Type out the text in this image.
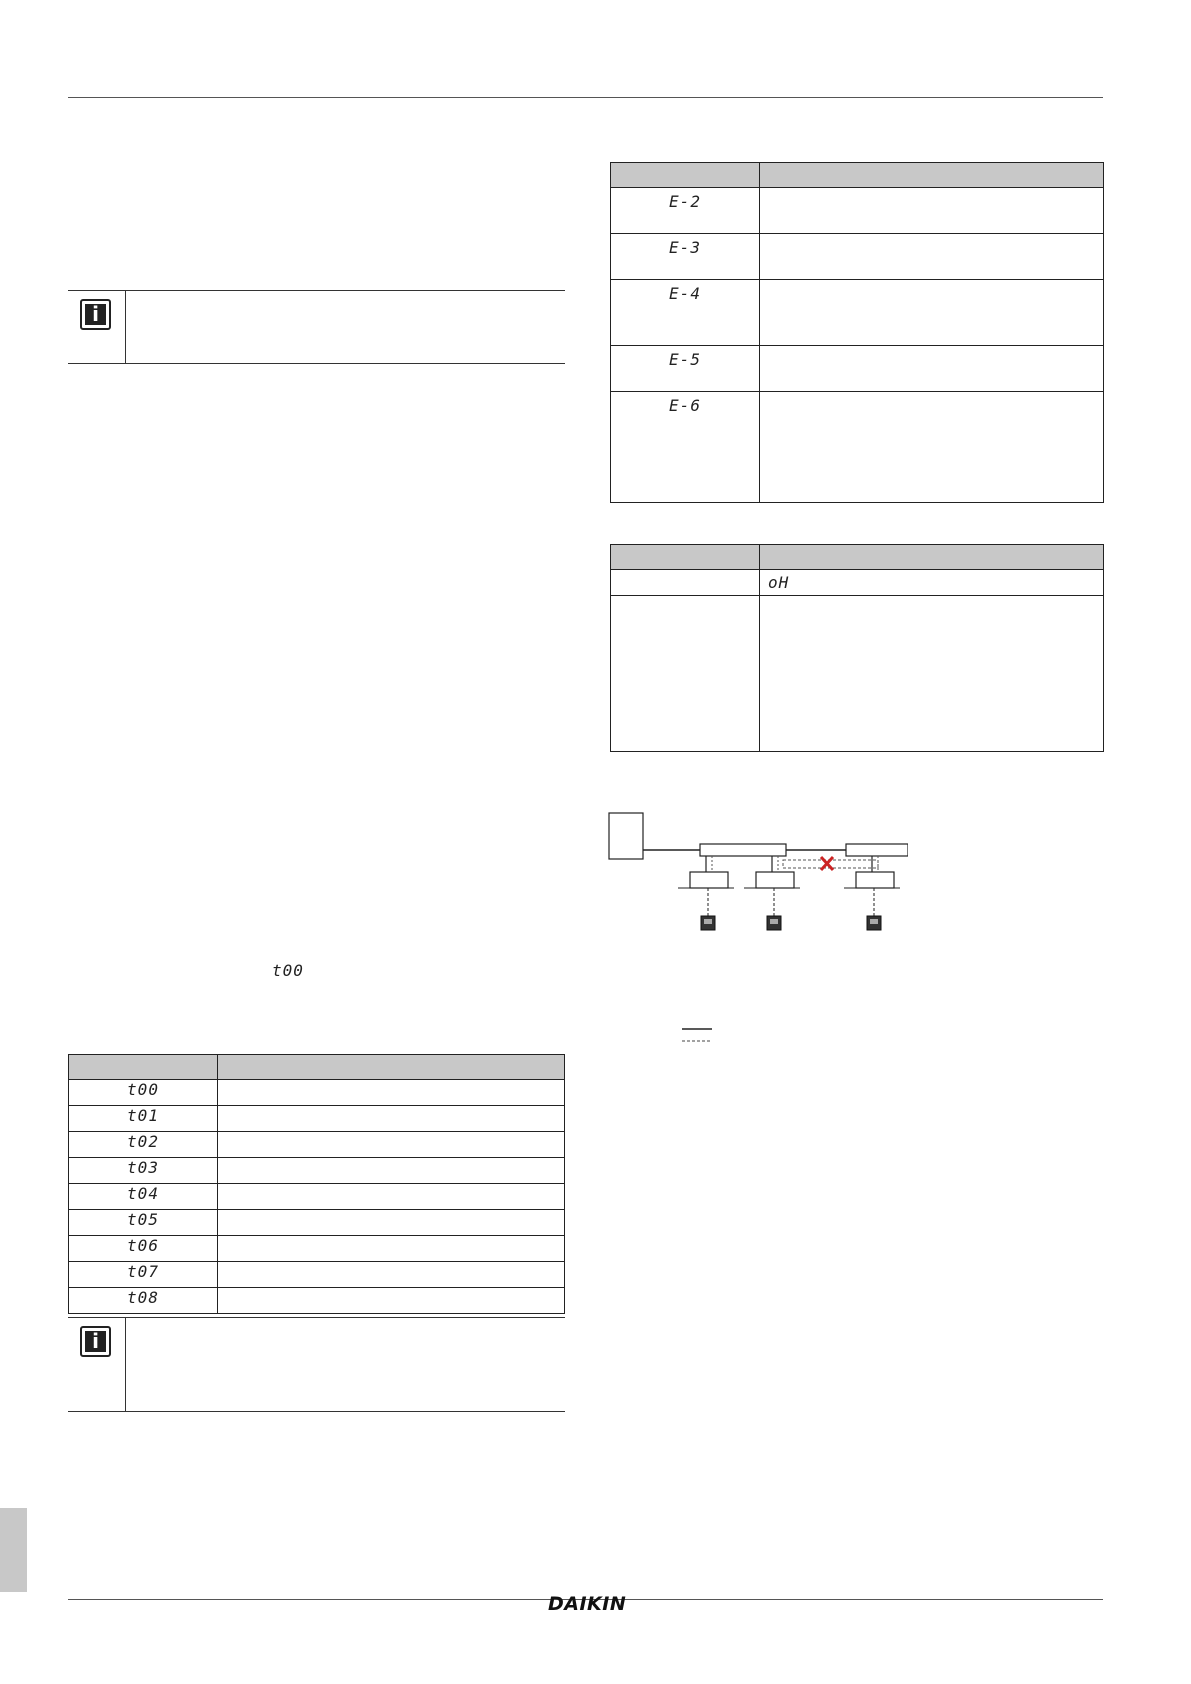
i
t00

t00	
t01	
t02	
t03	
t04	
t05	
t06	
t07	
t08	
i

E-2	
E-3	
E-4	
E-5	
E-6	

	oH

DAIKIN
